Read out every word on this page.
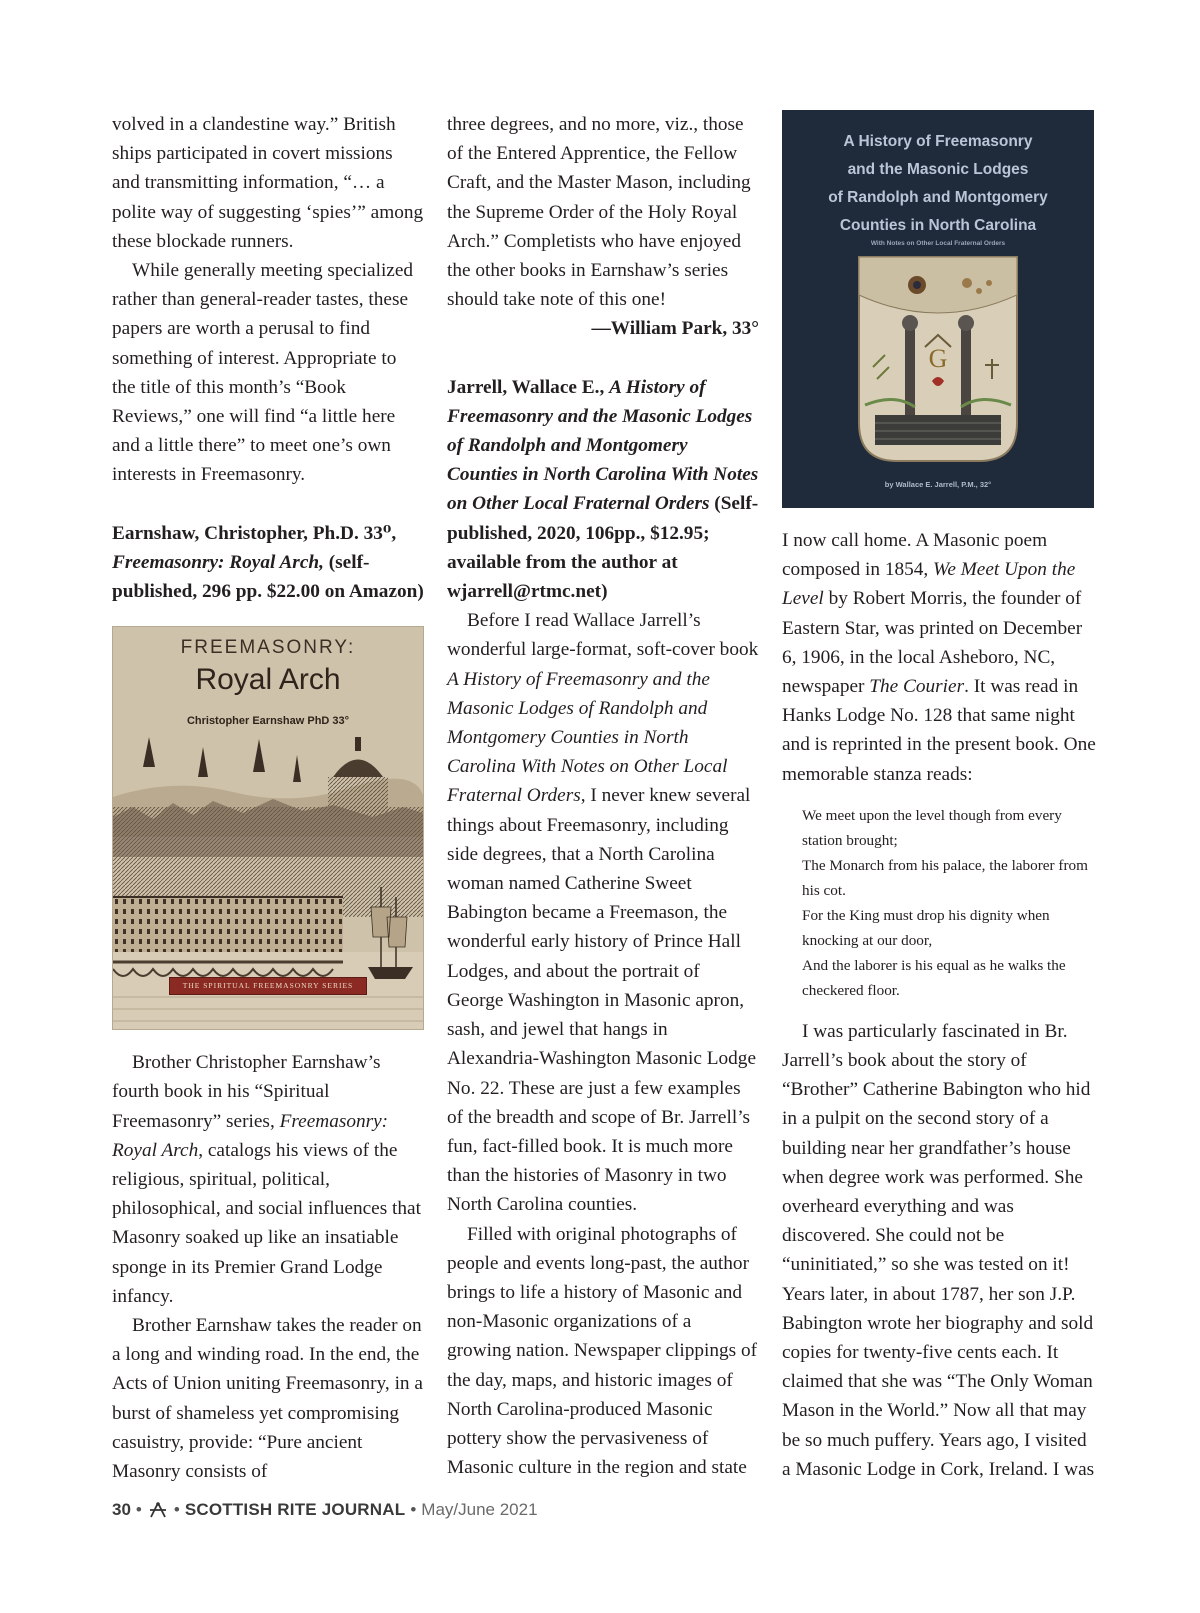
volved in a clandestine way.” British ships participated in covert missions and transmitting information, “… a polite way of suggesting ‘spies’” among these blockade runners.

While generally meeting specialized rather than general-reader tastes, these papers are worth a perusal to find something of interest. Appropriate to the title of this month’s “Book Reviews,” one will find “a little here and a little there” to meet one’s own interests in Freemasonry.

Earnshaw, Christopher, Ph.D. 33⁰, Freemasonry: Royal Arch, (self-published, 296 pp. $22.00 on Amazon)

FREEMASONRY:
Royal Arch
Christopher Earnshaw PhD 33°
THE SPIRITUAL FREEMASONRY SERIES

Brother Christopher Earnshaw’s fourth book in his “Spiritual Freemasonry” series, Freemasonry: Royal Arch, catalogs his views of the religious, spiritual, political, philosophical, and social influences that Masonry soaked up like an insatiable sponge in its Premier Grand Lodge infancy.

Brother Earnshaw takes the reader on a long and winding road. In the end, the Acts of Union uniting Freemasonry, in a burst of shameless yet compromising casuistry, provide: “Pure ancient Masonry consists of

three degrees, and no more, viz., those of the Entered Apprentice, the Fellow Craft, and the Master Mason, including the Supreme Order of the Holy Royal Arch.” Completists who have enjoyed the other books in Earnshaw’s series should take note of this one!

—William Park, 33°

Jarrell, Wallace E., A History of Freemasonry and the Masonic Lodges of Randolph and Montgomery Counties in North Carolina With Notes on Other Local Fraternal Orders (Self-published, 2020, 106pp., $12.95; available from the author at wjarrell@rtmc.net)

Before I read Wallace Jarrell’s wonderful large-format, soft-cover book A History of Freemasonry and the Masonic Lodges of Randolph and Montgomery Counties in North Carolina With Notes on Other Local Fraternal Orders, I never knew several things about Freemasonry, including side degrees, that a North Carolina woman named Catherine Sweet Babington became a Freemason, the wonderful early history of Prince Hall Lodges, and about the portrait of George Washington in Masonic apron, sash, and jewel that hangs in Alexandria-Washington Masonic Lodge No. 22. These are just a few examples of the breadth and scope of Br. Jarrell’s fun, fact-filled book. It is much more than the histories of Masonry in two North Carolina counties.

Filled with original photographs of people and events long-past, the author brings to life a history of Masonic and non-Masonic organizations of a growing nation. Newspaper clippings of the day, maps, and historic images of North Carolina-produced Masonic pottery show the pervasiveness of Masonic culture in the region and state

A History of Freemasonry
and the Masonic Lodges
of Randolph and Montgomery
Counties in North Carolina
With Notes on Other Local Fraternal Orders
G
by Wallace E. Jarrell, P.M., 32°

I now call home. A Masonic poem composed in 1854, We Meet Upon the Level by Robert Morris, the founder of Eastern Star, was printed on December 6, 1906, in the local Asheboro, NC, newspaper The Courier. It was read in Hanks Lodge No. 128 that same night and is reprinted in the present book. One memorable stanza reads:

We meet upon the level though from every station brought;
The Monarch from his palace, the laborer from his cot.
For the King must drop his dignity when knocking at our door,
And the laborer is his equal as he walks the checkered floor.

I was particularly fascinated in Br. Jarrell’s book about the story of “Brother” Catherine Babington who hid in a pulpit on the second story of a building near her grandfather’s house when degree work was performed. She overheard everything and was discovered. She could not be “uninitiated,” so she was tested on it! Years later, in about 1787, her son J.P. Babington wrote her biography and sold copies for twenty-five cents each. It claimed that she was “The Only Woman Mason in the World.” Now all that may be so much puffery. Years ago, I visited a Masonic Lodge in Cork, Ireland. I was

30 • • SCOTTISH RITE JOURNAL • May/June 2021
